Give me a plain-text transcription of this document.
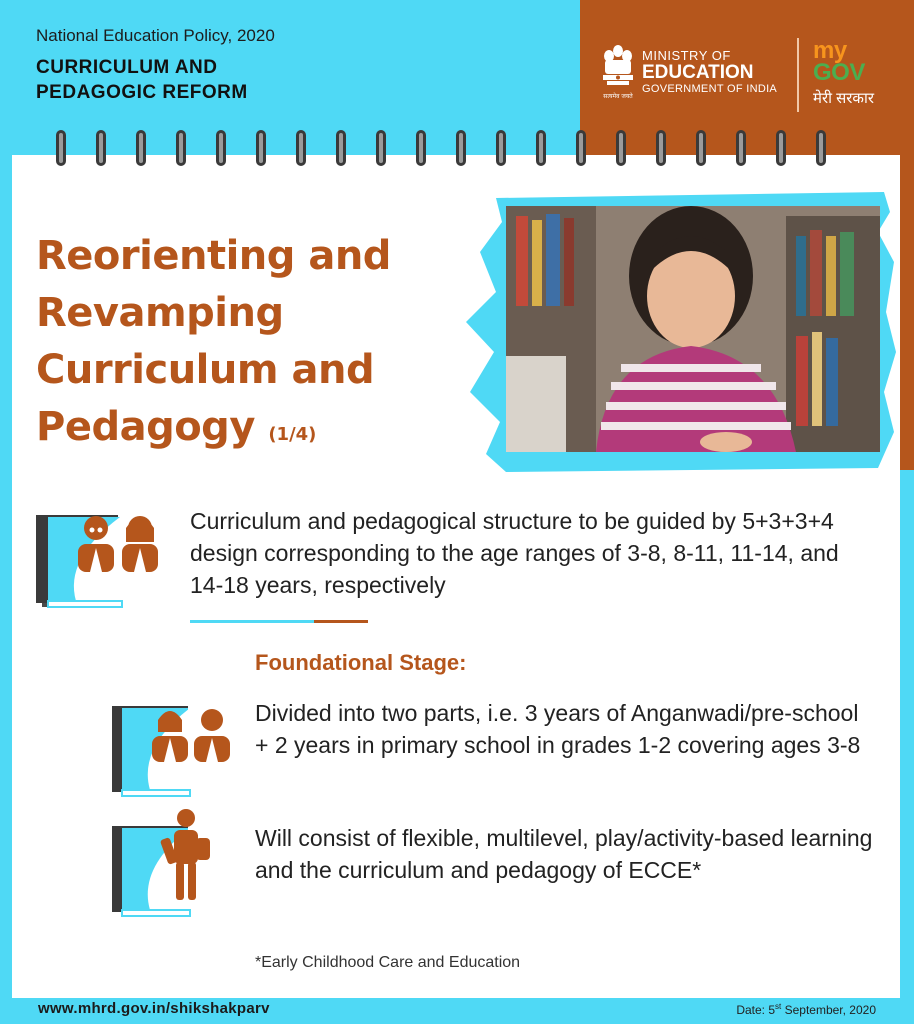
National Education Policy, 2020
CURRICULUM AND
PEDAGOGIC REFORM	सत्यमेव जयते
MINISTRY OF
EDUCATION
GOVERNMENT OF INDIA
my
GOV
मेरी सरकार
Reorienting and
Revamping
Curriculum and
Pedagogy (1/4)
Curriculum and pedagogical structure to be guided by 5+3+3+4 design corresponding to the age ranges of 3-8, 8-11, 11-14, and 14-18 years, respectively
Foundational Stage:
Divided into two parts, i.e. 3 years of Anganwadi/pre-school + 2 years in primary school in grades 1-2 covering ages 3-8
Will consist of flexible, multilevel, play/activity-based learning and the curriculum and pedagogy of ECCE*
*Early Childhood Care and Education
www.mhrd.gov.in/shikshakparv	Date: 5st September, 2020
